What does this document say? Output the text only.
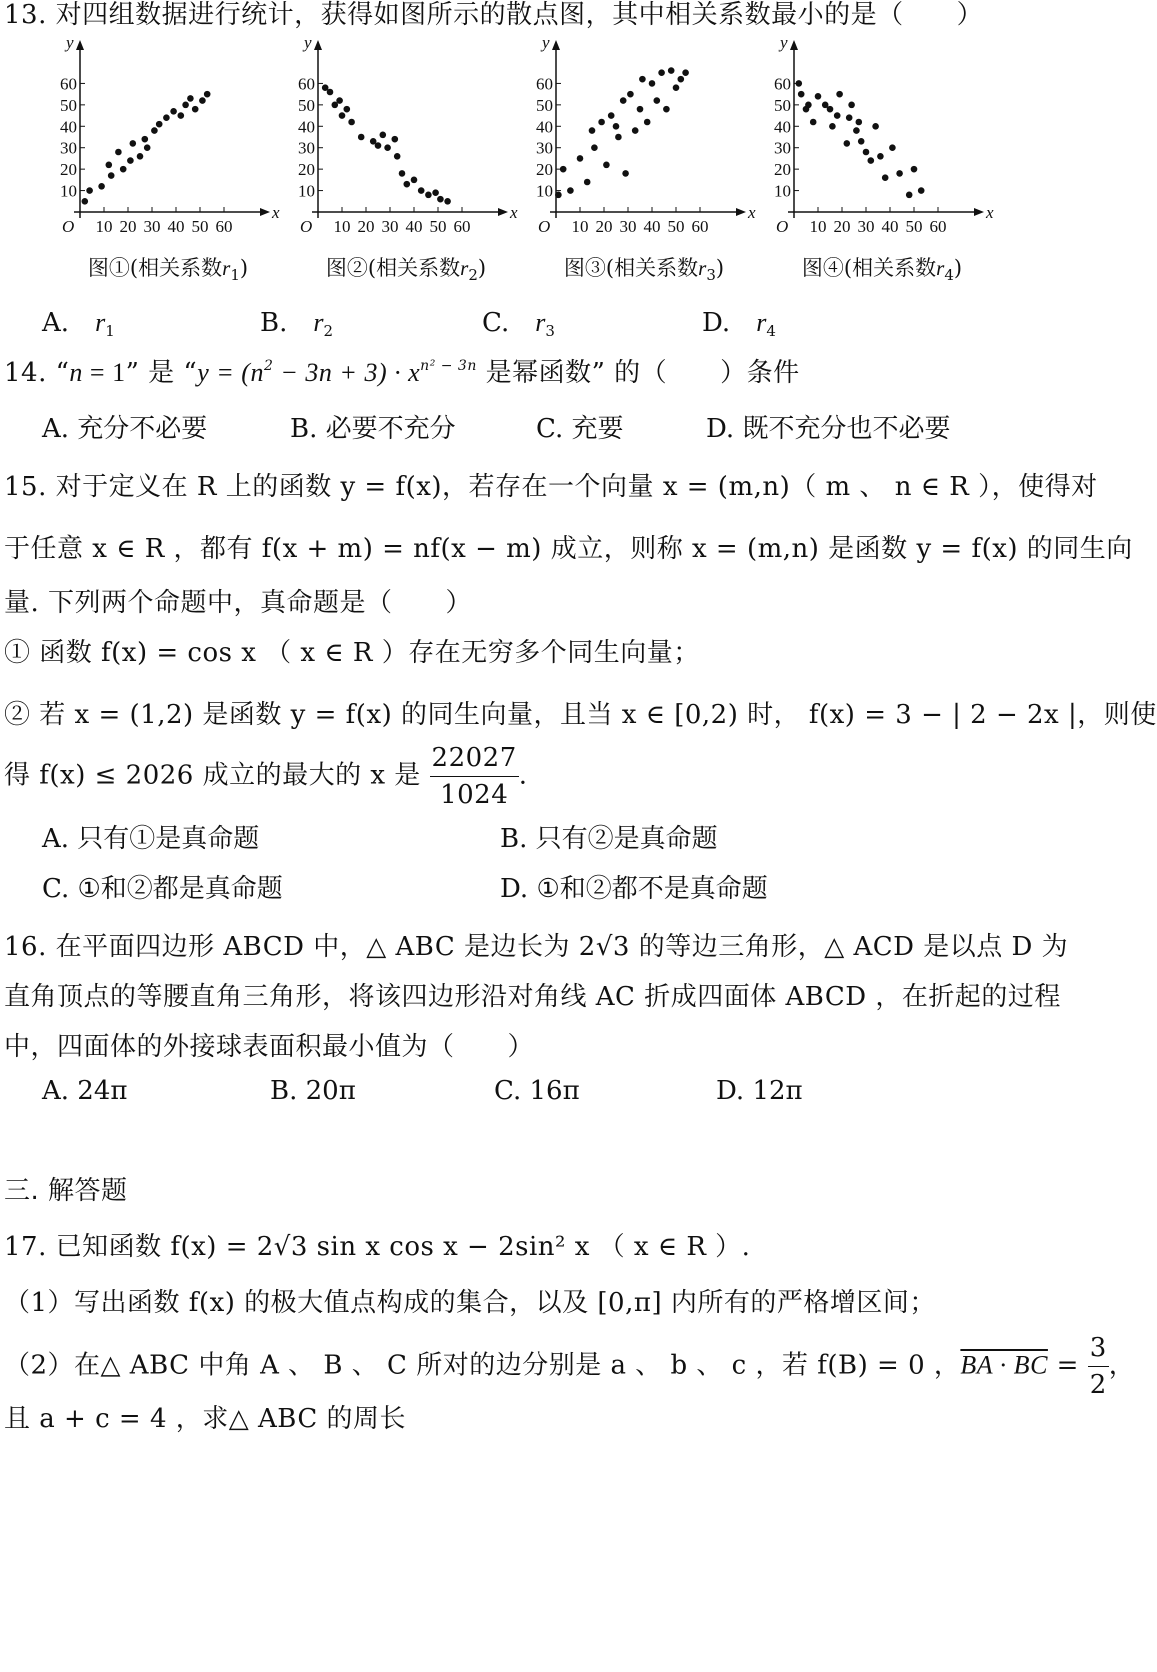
13. 对四组数据进行统计，获得如图所示的散点图，其中相关系数最小的是（　　）
x
y
O
10
20
30
40
50
60
10 20 30 40 50 60
图①(相关系数$r_1$)
x
y
O
10
20
30
40
50
60
10 20 30 40 50 60
图②(相关系数$r_2$)
x
y
O
10
20
30
40
50
60
10 20 30 40 50 60
图③(相关系数$r_3$)
x
y
O
10
20
30
40
50
60
10 20 30 40 50 60
图④(相关系数$r_4$)
A.　 $r_1$	B.　 $r_2$	C.　 $r_3$	D.　 $r_4$
14. “n = 1” 是 “$y = (n^2 - 3n + 3) \cdot x^{n^2 - 3n}$ 是幂函数” 的（　　）条件
A. 充分不必要	B. 必要不充分	C. 充要	D. 既不充分也不必要
15. 对于定义在 R 上的函数 y = f(x)，若存在一个向量 x = (m,n)（ m 、 n ∈ R ），使得对
于任意 x ∈ R ，都有 f(x + m) = nf(x − m) 成立，则称 x = (m,n) 是函数 y = f(x) 的同生向
量. 下列两个命题中，真命题是（　　）
① 函数 f(x) = cos x （ x ∈ R ）存在无穷多个同生向量；
② 若 x = (1,2) 是函数 y = f(x) 的同生向量，且当 x ∈ [0,2) 时， f(x) = 3 − | 2 − 2x |，则使
得 f(x) ≤ 2026 成立的最大的 x 是 $\frac{22027}{1024}$ .
A. 只有①是真命题	B. 只有②是真命题
C. ①和②都是真命题	D. ①和②都不是真命题
16. 在平面四边形 ABCD 中，△ ABC 是边长为 2√3 的等边三角形，△ ACD 是以点 D 为
直角顶点的等腰直角三角形，将该四边形沿对角线 AC 折成四面体 ABCD ，在折起的过程
中，四面体的外接球表面积最小值为（　　）
A. 24π	B. 20π	C. 16π	D. 12π
三. 解答题
17. 已知函数 f(x) = 2√3 sin x cos x − 2sin² x （ x ∈ R ）.
（1）写出函数 f(x) 的极大值点构成的集合，以及 [0,π] 内所有的严格增区间；
（2）在△ ABC 中角 A 、 B 、 C 所对的边分别是 a 、 b 、 c ，若 f(B) = 0 ，BA · BC = $\frac{3}{2}$ ，
且 a + c = 4 ，求△ ABC 的周长
